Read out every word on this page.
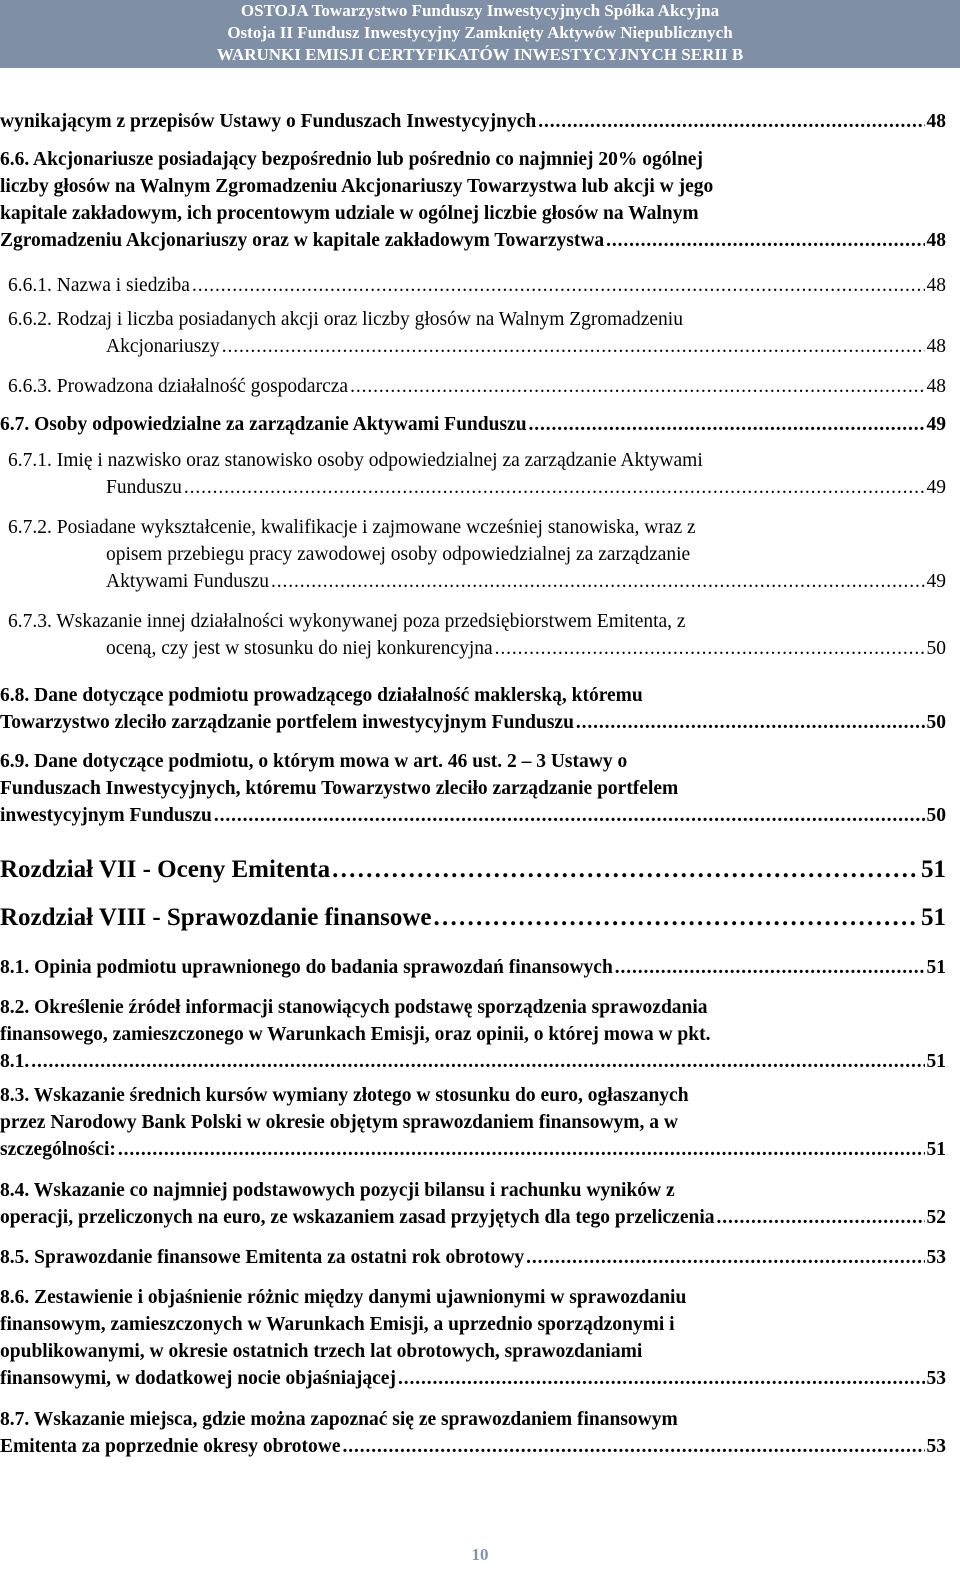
OSTOJA Towarzystwo Funduszy Inwestycyjnych Spółka Akcyjna
Ostoja II Fundusz Inwestycyjny Zamknięty Aktywów Niepublicznych
WARUNKI EMISJI CERTYFIKATÓW INWESTYCYJNYCH SERII B
wynikającym z przepisów Ustawy o Funduszach Inwestycyjnych . . .	48
6.6. Akcjonariusze posiadający bezpośrednio lub pośrednio co najmniej 20% ogólnej
liczby głosów na Walnym Zgromadzeniu Akcjonariuszy Towarzystwa lub akcji w jego
kapitale zakładowym, ich procentowym udziale w ogólnej liczbie głosów na Walnym
Zgromadzeniu Akcjonariuszy oraz w kapitale zakładowym Towarzystwa . . .	48
6.6.1. Nazwa i siedziba . . .	48
6.6.2. Rodzaj i liczba posiadanych akcji oraz liczby głosów na Walnym Zgromadzeniu
Akcjonariuszy . . .	48
6.6.3. Prowadzona działalność gospodarcza . . .	48
6.7. Osoby odpowiedzialne za zarządzanie Aktywami Funduszu . . .	49
6.7.1. Imię i nazwisko oraz stanowisko osoby odpowiedzialnej za zarządzanie Aktywami
Funduszu . . .	49
6.7.2. Posiadane wykształcenie, kwalifikacje i zajmowane wcześniej stanowiska, wraz z
opisem przebiegu pracy zawodowej osoby odpowiedzialnej za zarządzanie
Aktywami Funduszu . . .	49
6.7.3. Wskazanie innej działalności wykonywanej poza przedsiębiorstwem Emitenta, z
oceną, czy jest w stosunku do niej konkurencyjna . . .	50
6.8. Dane dotyczące podmiotu prowadzącego działalność maklerską, któremu
Towarzystwo zleciło zarządzanie portfelem inwestycyjnym Funduszu . . .	50
6.9. Dane dotyczące podmiotu, o którym mowa w art. 46 ust. 2 – 3 Ustawy o
Funduszach Inwestycyjnych, któremu Towarzystwo zleciło zarządzanie portfelem
inwestycyjnym Funduszu . . .	50
Rozdział VII - Oceny Emitenta . . .	51
Rozdział VIII - Sprawozdanie finansowe . . .	51
8.1. Opinia podmiotu uprawnionego do badania sprawozdań finansowych . . .	51
8.2. Określenie źródeł informacji stanowiących podstawę sporządzenia sprawozdania
finansowego, zamieszczonego w Warunkach Emisji, oraz opinii, o której mowa w pkt.
8.1. . . .	51
8.3. Wskazanie średnich kursów wymiany złotego w stosunku do euro, ogłaszanych
przez Narodowy Bank Polski w okresie objętym sprawozdaniem finansowym, a w
szczególności: . . .	51
8.4. Wskazanie co najmniej podstawowych pozycji bilansu i rachunku wyników z
operacji, przeliczonych na euro, ze wskazaniem zasad przyjętych dla tego przeliczenia . . .	52
8.5. Sprawozdanie finansowe Emitenta za ostatni rok obrotowy . . .	53
8.6. Zestawienie i objaśnienie różnic między danymi ujawnionymi w sprawozdaniu
finansowym, zamieszczonych w Warunkach Emisji, a uprzednio sporządzonymi i
opublikowanymi, w okresie ostatnich trzech lat obrotowych, sprawozdaniami
finansowymi, w dodatkowej nocie objaśniającej . . .	53
8.7. Wskazanie miejsca, gdzie można zapoznać się ze sprawozdaniem finansowym
Emitenta za poprzednie okresy obrotowe . . .	53
10
